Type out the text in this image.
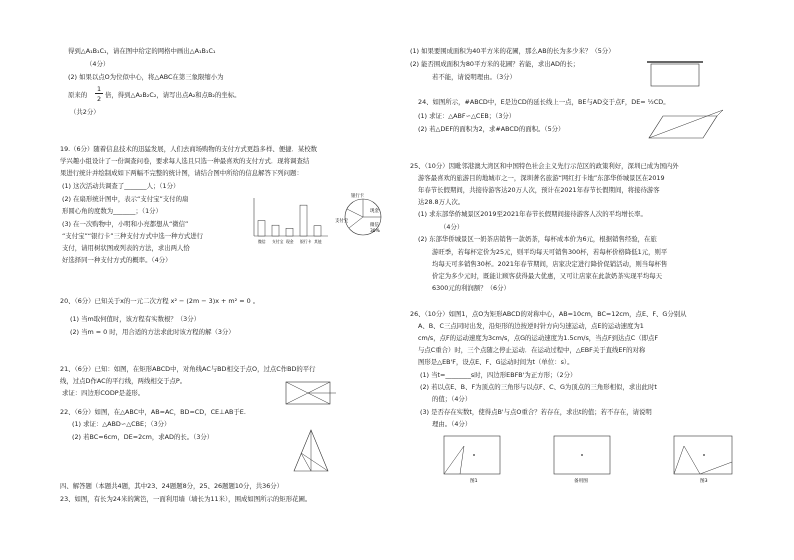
得到△A₁B₁C₁，请在图中给定的网格中画出△A₁B₁C₁
（4分）
(2) 如果以点O为位似中心，将△ABC在第三象限缩小为
原来的
1
2 倍，得到△A₂B₂C₂，请写出点A₂和点B₂的坐标。
（共2分）
19.（6分）随着信息技术的迅猛发展，人们去商场购物的支付方式更趋多样、便捷．某校数
学兴趣小组设计了一份调查问卷，要求每人选且只选一种最喜欢的支付方式．现将调查结
果进行统计并绘制成如下两幅不完整的统计图，请结合图中所给的信息解答下列问题：
(1) 这次活动共调查了_______人；（1分）
(2) 在扇形统计图中，表示“支付宝”支付的扇
形圆心角的度数为_______；（1分）
(3) 在一次购物中，小明和小亮都想从“微信”
“支付宝”“银行卡”三种支付方式中选一种方式进行
支付，请用树状图或列表的方法，求出两人恰
好选择同一种支付方式的概率。（4分）
微信 支付宝 现金 银行卡 其他
银行卡
现金
支付宝
微信
30%
20、（6分）已知关于x的一元二次方程 x² − (2m − 3)x + m² = 0 。
(1) 当m取何值时，该方程有实数根？（3分）
(2) 当m = 0 时，用合适的方法求此时该方程的解（3分）
21、（6分）已知：如图，在矩形ABCD中，对角线AC与BD相交于点O，过点C作BD的平行
线，过点D作AC的平行线，两线相交于点P。
求证：四边形CODP是菱形。
22、（6分）如图，在△ABC中，AB=AC，BD=CD，CE⊥AB于E.
(1) 求证：△ABD∽△CBE；（3分）
(2) 若BC=6cm，DE=2cm，求AD的长。（3分）
四、解答题（本题共4题，其中23、24题题8分，25、26题题10分，共36分）
23、如图，有长为24米的篱笆，一面利用墙（墙长为11米），围成如图所示的矩形花圃。
(1) 如果要围成面积为40平方米的花圃，那么AB的长为多少米？（5分）
(2) 能否围成面积为80平方米的花圃？若能，求出AD的长；
若不能，请说明理由。（3分）
24、如图所示，#ABCD中，E是边CD的延长线上一点，BE与AD交于点F，DE= ½CD。
(1) 求证：△ABF∽△CEB；（3分）
(2) 若△DEF的面积为2，求#ABCD的面积。（5分）
25、（10分）因毗邻港澳大湾区和中国特色社会主义先行示范区的政策利好，深圳已成为国内外
游客最喜欢的旅游目的地城市之一，深圳著名旅游“网红打卡地”东部华侨城景区在2019
年春节长假期间，共接待游客达20万人次，预计在2021年春节长假期间，将接待游客
达28.8万人次。
(1) 求东部华侨城景区2019至2021年春节长假期间接待游客人次的平均增长率。
（4分）
(2) 东部华侨城景区一奶茶店销售一款奶茶，每杯成本价为6元，根据销售经验，在旅
游旺季，若每杯定价为25元，则平均每天可销售300杯，若每杯价格降低1元，则平
均每天可多销售30杯。2021年春节期间，店家决定进行降价促销活动，则当每杯售
价定为多少元时，既能让顾客获得最大优惠，又可让店家在此款奶茶实现平均每天
6300元的利润额？（6分）
26、（10分）如图1，点O为矩形ABCD的对称中心，AB=10cm，BC=12cm，点E、F、G分别从
A、B、C三点同时出发，沿矩形的边按逆时针方向匀速运动，点E的运动速度为1
cm/s，点F的运动速度为3cm/s，点G的运动速度为1.5cm/s，当点F到达点C（即点F
与点C重合）时，三个点随之停止运动．在运动过程中，△EBF关于直线EF的对称
图形是△EB'F，设点E、F、G运动时间为t（单位：s）。
(1) 当t=________s时，四边形EBFB'为正方形；（2分）
(2) 若以点E、B、F为顶点的三角形与以点F、C、G为顶点的三角形相似，求出此时t
的值；（4分）
(3) 是否存在实数t，使得点B'与点O重合？若存在，求出t的值；若不存在，请说明
理由。（4分）
图1	备用图	图3
